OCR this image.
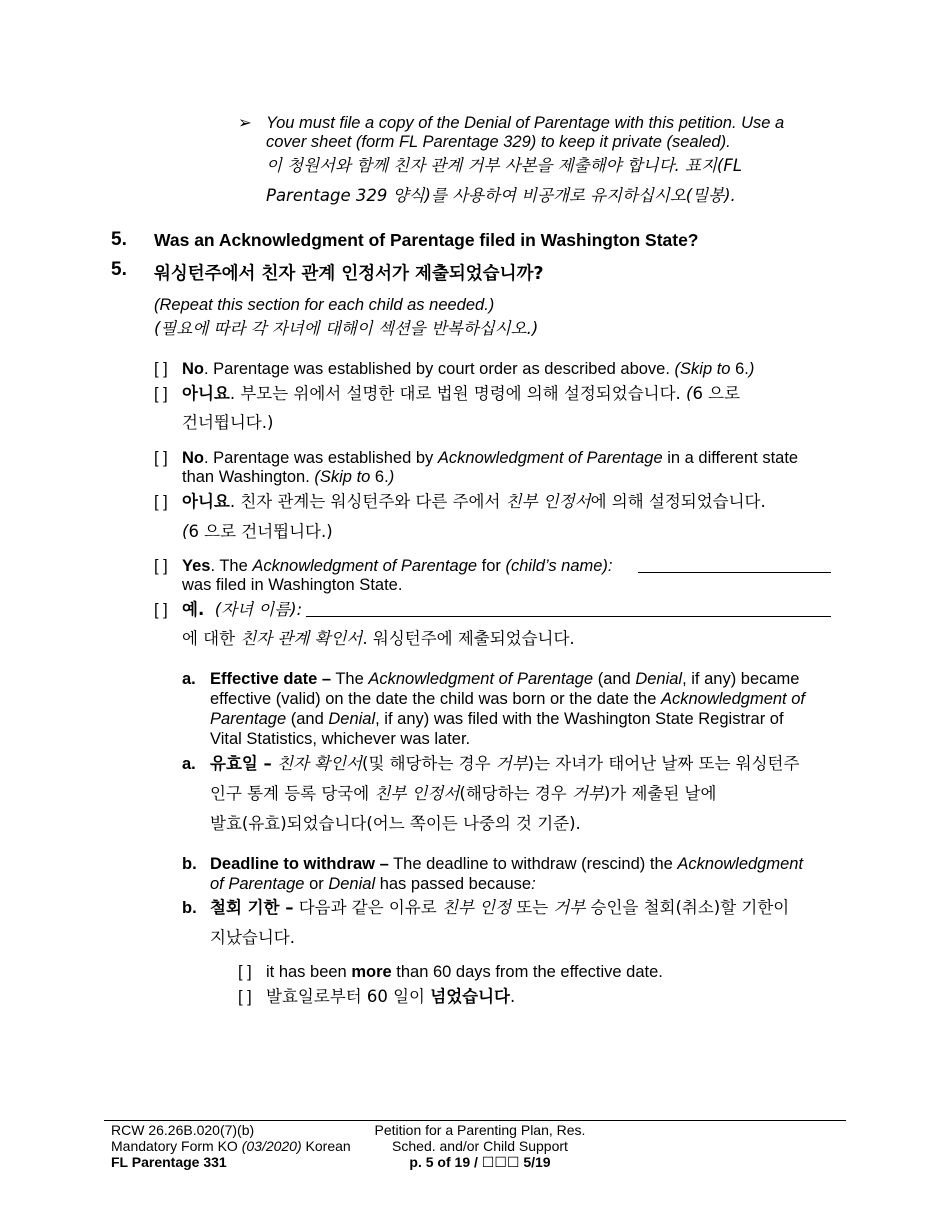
➢ You must file a copy of the Denial of Parentage with this petition. Use a
cover sheet (form FL Parentage 329) to keep it private (sealed).
이 청원서와 함께 친자 관계 거부 사본을 제출해야 합니다. 표지(FL
Parentage 329 양식)를 사용하여 비공개로 유지하십시오(밀봉).
5. Was an Acknowledgment of Parentage filed in Washington State?
5. 워싱턴주에서 친자 관계 인정서가 제출되었습니까?
(Repeat this section for each child as needed.)
(필요에 따라 각 자녀에 대해이 섹션을 반복하십시오.)
[ ] No. Parentage was established by court order as described above. (Skip to 6.)
[ ] 아니요. 부모는 위에서 설명한 대로 법원 명령에 의해 설정되었습니다. (6 으로
건너뜁니다.)
[ ] No. Parentage was established by Acknowledgment of Parentage in a different state
than Washington. (Skip to 6.)
[ ] 아니요. 친자 관계는 워싱턴주와 다른 주에서 친부 인정서에 의해 설정되었습니다.
(6 으로 건너뜁니다.)
[ ] Yes. The Acknowledgment of Parentage for (child’s name):
was filed in Washington State.
[ ] 예. (자녀 이름):
에 대한 친자 관계 확인서. 워싱턴주에 제출되었습니다.
a. Effective date – The Acknowledgment of Parentage (and Denial, if any) became
effective (valid) on the date the child was born or the date the Acknowledgment of
Parentage (and Denial, if any) was filed with the Washington State Registrar of
Vital Statistics, whichever was later.
a. 유효일 – 친자 확인서(및 해당하는 경우 거부)는 자녀가 태어난 날짜 또는 워싱턴주
인구 통계 등록 당국에 친부 인정서(해당하는 경우 거부)가 제출된 날에
발효(유효)되었습니다(어느 쪽이든 나중의 것 기준).
b. Deadline to withdraw – The deadline to withdraw (rescind) the Acknowledgment
of Parentage or Denial has passed because:
b. 철회 기한 – 다음과 같은 이유로 친부 인정 또는 거부 승인을 철회(취소)할 기한이
지났습니다.
[ ] it has been more than 60 days from the effective date.
[ ] 발효일로부터 60 일이 넘었습니다.
RCW 26.26B.020(7)(b)
Mandatory Form KO (03/2020) Korean
FL Parentage 331
Petition for a Parenting Plan, Res.
Sched. and/or Child Support
p. 5 of 19 / ☐☐☐ 5/19
